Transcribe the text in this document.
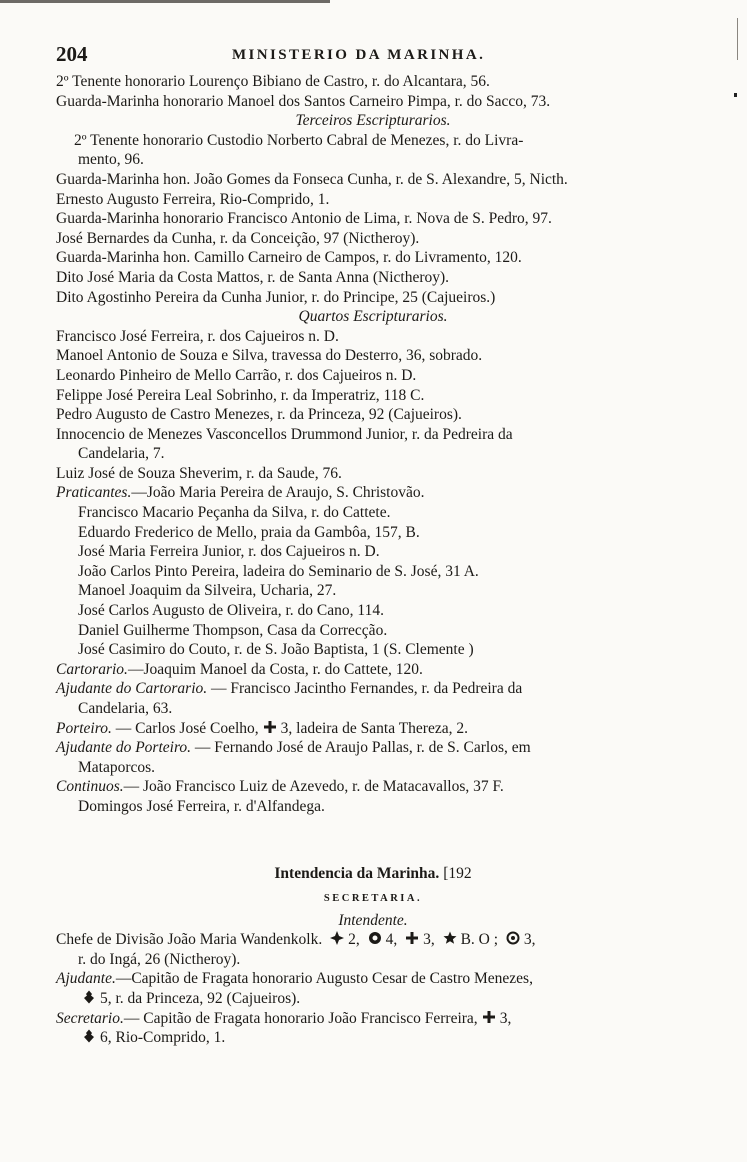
204	MINISTERIO DA MARINHA.
2º Tenente honorario Lourenço Bibiano de Castro, r. do Alcantara, 56.
Guarda-Marinha honorario Manoel dos Santos Carneiro Pimpa, r. do Sacco, 73.
Terceiros Escripturarios.
2º Tenente honorario Custodio Norberto Cabral de Menezes, r. do Livra-
mento, 96.
Guarda-Marinha hon. João Gomes da Fonseca Cunha, r. de S. Alexandre, 5, Nicth.
Ernesto Augusto Ferreira, Rio-Comprido, 1.
Guarda-Marinha honorario Francisco Antonio de Lima, r. Nova de S. Pedro, 97.
José Bernardes da Cunha, r. da Conceição, 97 (Nictheroy).
Guarda-Marinha hon. Camillo Carneiro de Campos, r. do Livramento, 120.
Dito José Maria da Costa Mattos, r. de Santa Anna (Nictheroy).
Dito Agostinho Pereira da Cunha Junior, r. do Principe, 25 (Cajueiros.)
Quartos Escripturarios.
Francisco José Ferreira, r. dos Cajueiros n. D.
Manoel Antonio de Souza e Silva, travessa do Desterro, 36, sobrado.
Leonardo Pinheiro de Mello Carrão, r. dos Cajueiros n. D.
Felippe José Pereira Leal Sobrinho, r. da Imperatriz, 118 C.
Pedro Augusto de Castro Menezes, r. da Princeza, 92 (Cajueiros).
Innocencio de Menezes Vasconcellos Drummond Junior, r. da Pedreira da
Candelaria, 7.
Luiz José de Souza Sheverim, r. da Saude, 76.
Praticantes.—João Maria Pereira de Araujo, S. Christovão.
Francisco Macario Peçanha da Silva, r. do Cattete.
Eduardo Frederico de Mello, praia da Gambôa, 157, B.
José Maria Ferreira Junior, r. dos Cajueiros n. D.
João Carlos Pinto Pereira, ladeira do Seminario de S. José, 31 A.
Manoel Joaquim da Silveira, Ucharia, 27.
José Carlos Augusto de Oliveira, r. do Cano, 114.
Daniel Guilherme Thompson, Casa da Correcção.
José Casimiro do Couto, r. de S. João Baptista, 1 (S. Clemente )
Cartorario.—Joaquim Manoel da Costa, r. do Cattete, 120.
Ajudante do Cartorario. — Francisco Jacintho Fernandes, r. da Pedreira da
Candelaria, 63.
Porteiro. — Carlos José Coelho, 3, ladeira de Santa Thereza, 2.
Ajudante do Porteiro. — Fernando José de Araujo Pallas, r. de S. Carlos, em
Mataporcos.
Continuos.— João Francisco Luiz de Azevedo, r. de Matacavallos, 37 F.
Domingos José Ferreira, r. d'Alfandega.
Intendencia da Marinha. [192
SECRETARIA.
Intendente.
Chefe de Divisão João Maria Wandenkolk. 2, 4, 3, B. O ; 3,
r. do Ingá, 26 (Nictheroy).
Ajudante.—Capitão de Fragata honorario Augusto Cesar de Castro Menezes,
5, r. da Princeza, 92 (Cajueiros).
Secretario.— Capitão de Fragata honorario João Francisco Ferreira, 3,
6, Rio-Comprido, 1.
